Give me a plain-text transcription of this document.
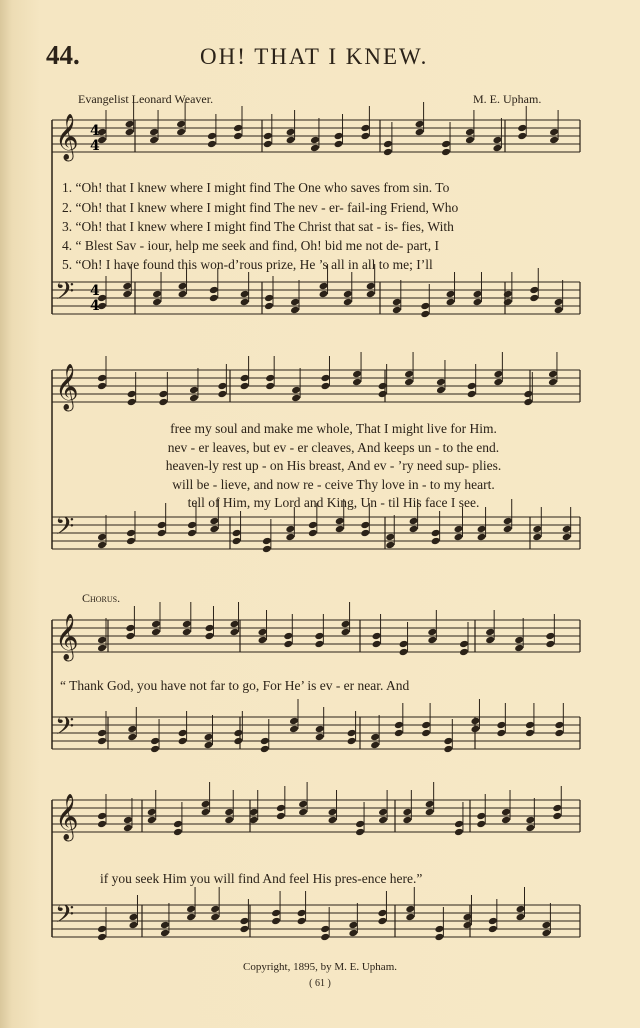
44.	OH! THAT I KNEW.
Evangelist Leonard Weaver.	M. E. Upham.
𝄞
𝄢
𝄞
𝄢
𝄞
𝄢
𝄞
𝄢
4
4
4
4
1. “Oh! that I knew where I might find The One who saves from sin. To
2. “Oh! that I knew where I might find The nev - er- fail-ing Friend, Who
3. “Oh! that I knew where I might find The Christ that sat - is- fies, With
4. “ Blest Sav - iour, help me seek and find, Oh! bid me not de- part, I
5. “Oh! I have found this won-d’rous prize, He ’s all in all to me; I’ll
free my soul and make me whole, That I might live for Him.
nev - er leaves, but ev - er cleaves, And keeps un - to the end.
heaven-ly rest up - on His breast, And ev - ’ry need sup- plies.
will be - lieve, and now re - ceive Thy love in - to my heart.
tell of Him, my Lord and King, Un - til His face I see.
Chorus.
“ Thank God, you have not far to go, For He’ is ev - er near. And
if you seek Him you will find And feel His pres-ence here.”
Copyright, 1895, by M. E. Upham.
( 61 )
